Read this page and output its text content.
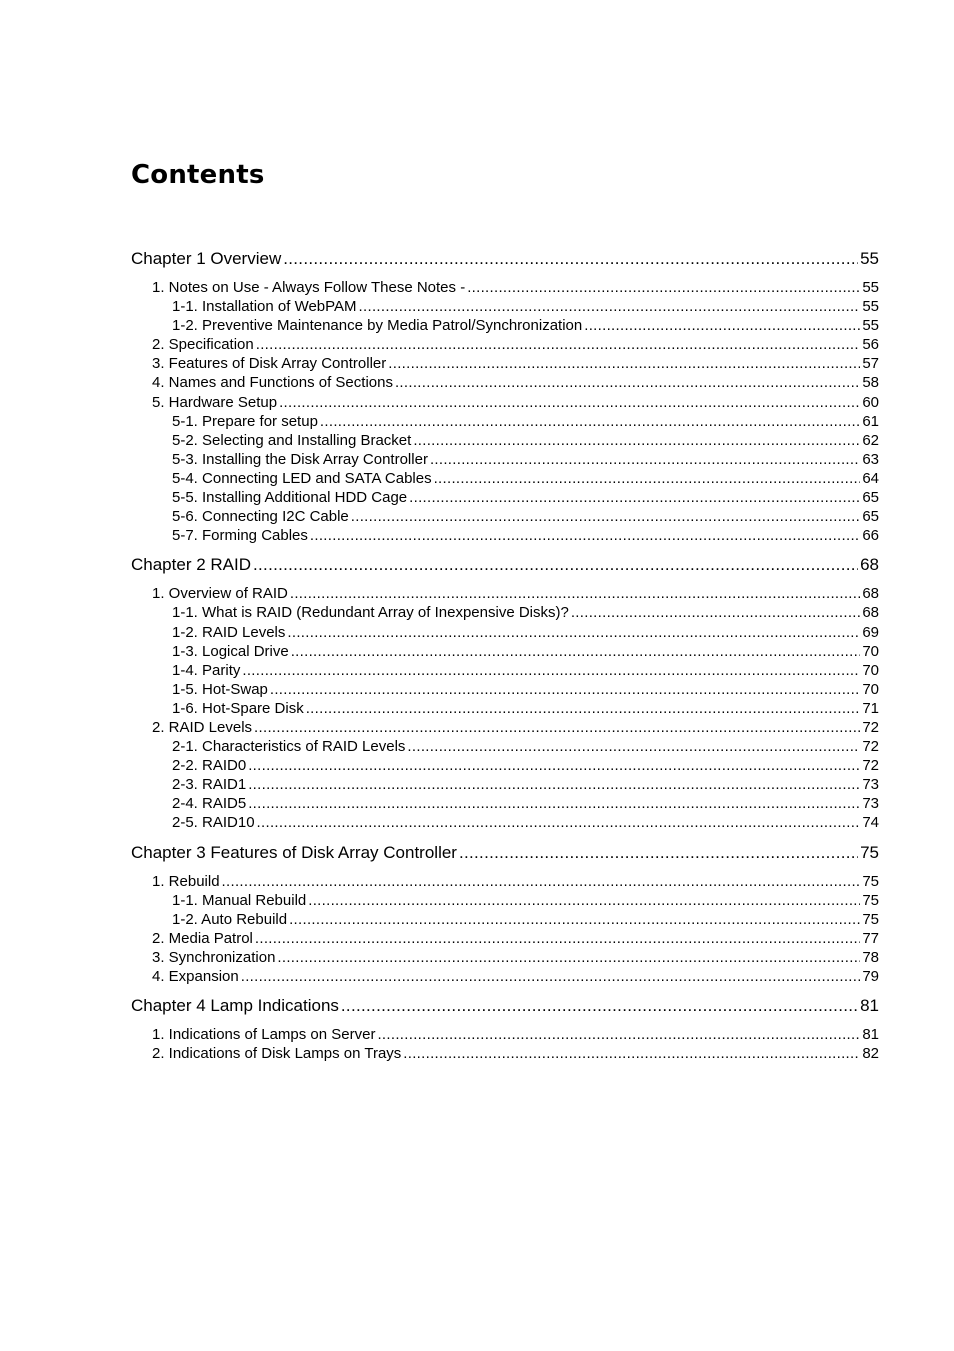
Contents
Chapter 1 Overview .....	55
1. Notes on Use - Always Follow These Notes - .....	55
1-1. Installation of WebPAM .....	55
1-2. Preventive Maintenance by Media Patrol/Synchronization .....	55
2. Specification .....	56
3. Features of Disk Array Controller .....	57
4. Names and Functions of Sections .....	58
5. Hardware Setup .....	60
5-1. Prepare for setup .....	61
5-2. Selecting and Installing Bracket .....	62
5-3. Installing the Disk Array Controller .....	63
5-4. Connecting LED and SATA Cables .....	64
5-5. Installing Additional HDD Cage .....	65
5-6. Connecting I2C Cable .....	65
5-7. Forming Cables .....	66
Chapter 2 RAID .....	68
1. Overview of RAID .....	68
1-1. What is RAID (Redundant Array of Inexpensive Disks)? .....	68
1-2. RAID Levels .....	69
1-3. Logical Drive .....	70
1-4. Parity .....	70
1-5. Hot-Swap .....	70
1-6. Hot-Spare Disk .....	71
2. RAID Levels .....	72
2-1. Characteristics of RAID Levels .....	72
2-2. RAID0 .....	72
2-3. RAID1 .....	73
2-4. RAID5 .....	73
2-5. RAID10 .....	74
Chapter 3 Features of Disk Array Controller .....	75
1. Rebuild .....	75
1-1. Manual Rebuild .....	75
1-2. Auto Rebuild .....	75
2. Media Patrol .....	77
3. Synchronization .....	78
4. Expansion .....	79
Chapter 4 Lamp Indications .....	81
1. Indications of Lamps on Server .....	81
2. Indications of Disk Lamps on Trays .....	82
